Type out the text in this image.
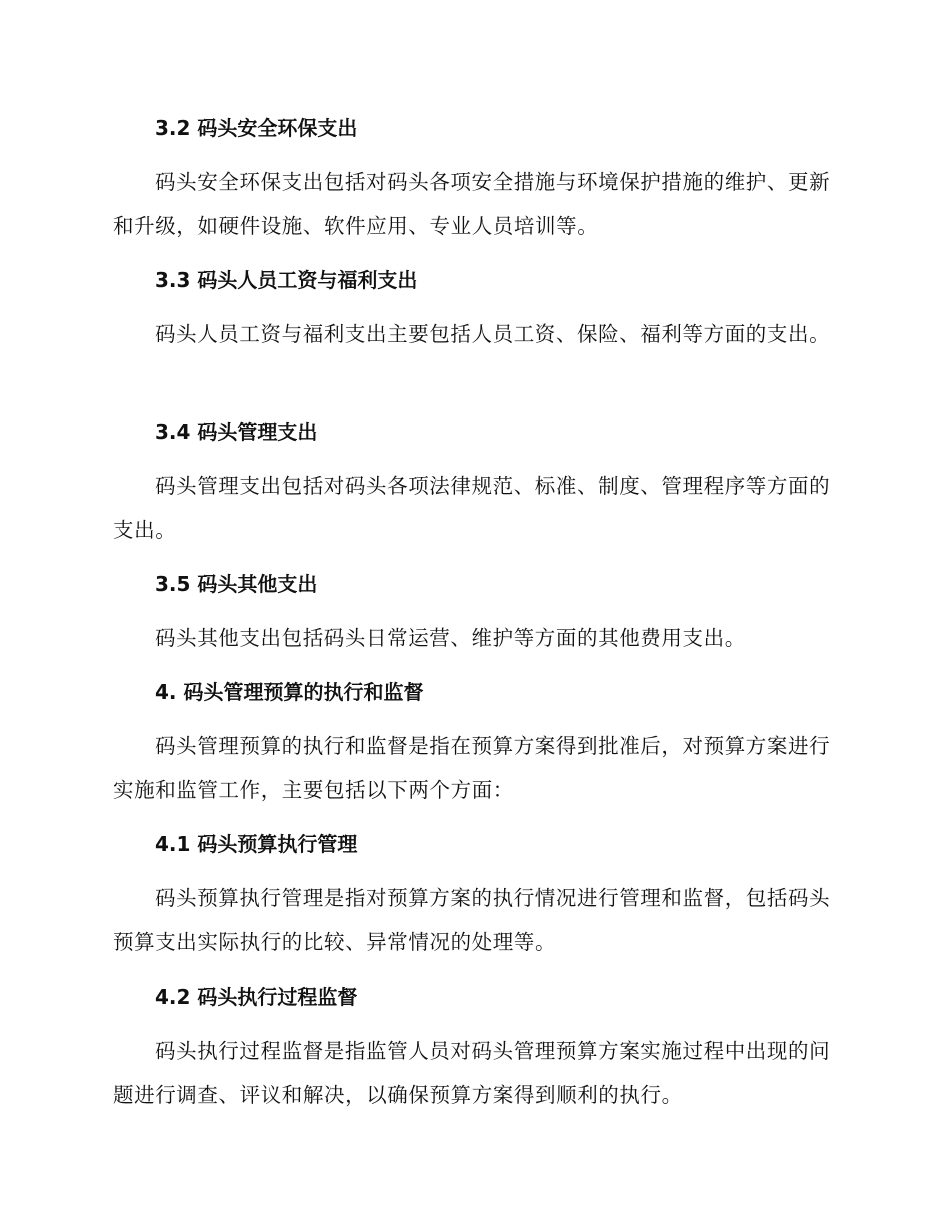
3.2 码头安全环保支出
码头安全环保支出包括对码头各项安全措施与环境保护措施的维护、更新和升级，如硬件设施、软件应用、专业人员培训等。
3.3 码头人员工资与福利支出
码头人员工资与福利支出主要包括人员工资、保险、福利等方面的支出。
3.4 码头管理支出
码头管理支出包括对码头各项法律规范、标准、制度、管理程序等方面的支出。
3.5 码头其他支出
码头其他支出包括码头日常运营、维护等方面的其他费用支出。
4. 码头管理预算的执行和监督
码头管理预算的执行和监督是指在预算方案得到批准后，对预算方案进行实施和监管工作，主要包括以下两个方面：
4.1 码头预算执行管理
码头预算执行管理是指对预算方案的执行情况进行管理和监督，包括码头预算支出实际执行的比较、异常情况的处理等。
4.2 码头执行过程监督
码头执行过程监督是指监管人员对码头管理预算方案实施过程中出现的问题进行调查、评议和解决，以确保预算方案得到顺利的执行。
